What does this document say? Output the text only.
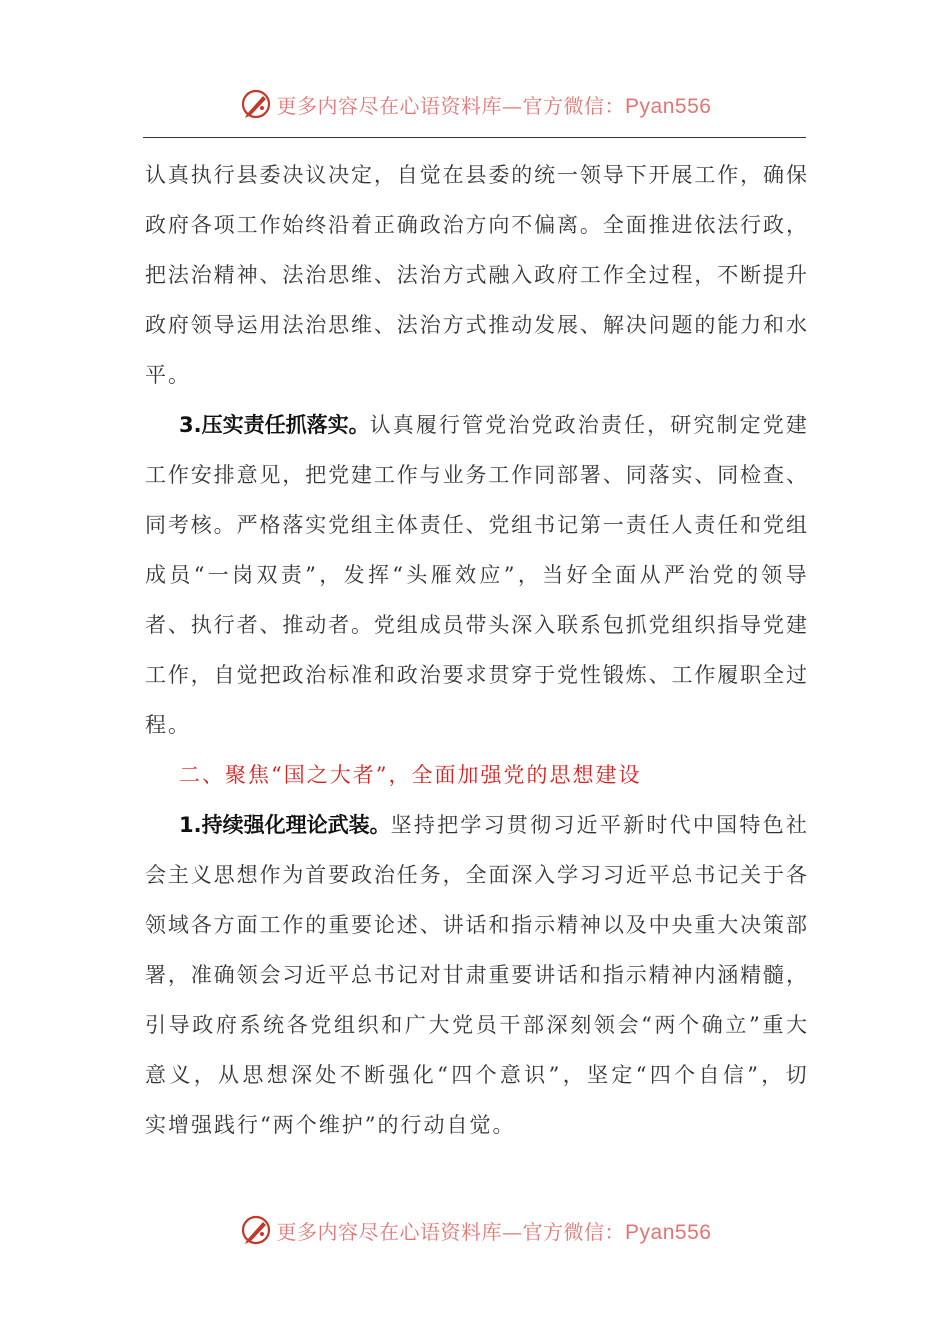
更多内容尽在心语资料库—官方微信：Pyan556
认 真 执 行 县 委 决 议 决 定 ， 自 觉 在 县 委 的 统 一 领 导 下 开 展 工 作 ， 确 保
政 府 各 项 工 作 始 终 沿 着 正 确 政 治 方 向 不 偏 离 。 全 面 推 进 依 法 行 政 ，
把 法 治 精 神 、 法 治 思 维 、 法 治 方 式 融 入 政 府 工 作 全 过 程 ， 不 断 提 升
政 府 领 导 运 用 法 治 思 维 、 法 治 方 式 推 动 发 展 、 解 决 问 题 的 能 力 和 水
平。
3.压实责任抓落实。 认 真 履 行 管 党 治 党 政 治 责 任 ， 研 究 制 定 党 建
工 作 安 排 意 见 ， 把 党 建 工 作 与 业 务 工 作 同 部 署 、 同 落 实 、 同 检 查 、
同 考 核 。 严 格 落 实 党 组 主 体 责 任 、 党 组 书 记 第 一 责 任 人 责 任 和 党 组
成 员 “ 一 岗 双 责 ” ， 发 挥 “ 头 雁 效 应 ” ， 当 好 全 面 从 严 治 党 的 领 导
者 、 执 行 者 、 推 动 者 。 党 组 成 员 带 头 深 入 联 系 包 抓 党 组 织 指 导 党 建
工 作 ， 自 觉 把 政 治 标 准 和 政 治 要 求 贯 穿 于 党 性 锻 炼 、 工 作 履 职 全 过
程。
二、聚焦“国之大者”，全面加强党的思想建设
1.持续强化理论武装。 坚 持 把 学 习 贯 彻 习 近 平 新 时 代 中 国 特 色 社
会 主 义 思 想 作 为 首 要 政 治 任 务 ， 全 面 深 入 学 习 习 近 平 总 书 记 关 于 各
领 域 各 方 面 工 作 的 重 要 论 述 、 讲 话 和 指 示 精 神 以 及 中 央 重 大 决 策 部
署 ， 准 确 领 会 习 近 平 总 书 记 对 甘 肃 重 要 讲 话 和 指 示 精 神 内 涵 精 髓 ，
引 导 政 府 系 统 各 党 组 织 和 广 大 党 员 干 部 深 刻 领 会 “ 两 个 确 立 ” 重 大
意 义 ， 从 思 想 深 处 不 断 强 化 “ 四 个 意 识 ” ， 坚 定 “ 四 个 自 信 ” ， 切
实增强践行“两个维护”的行动自觉。
更多内容尽在心语资料库—官方微信：Pyan556
